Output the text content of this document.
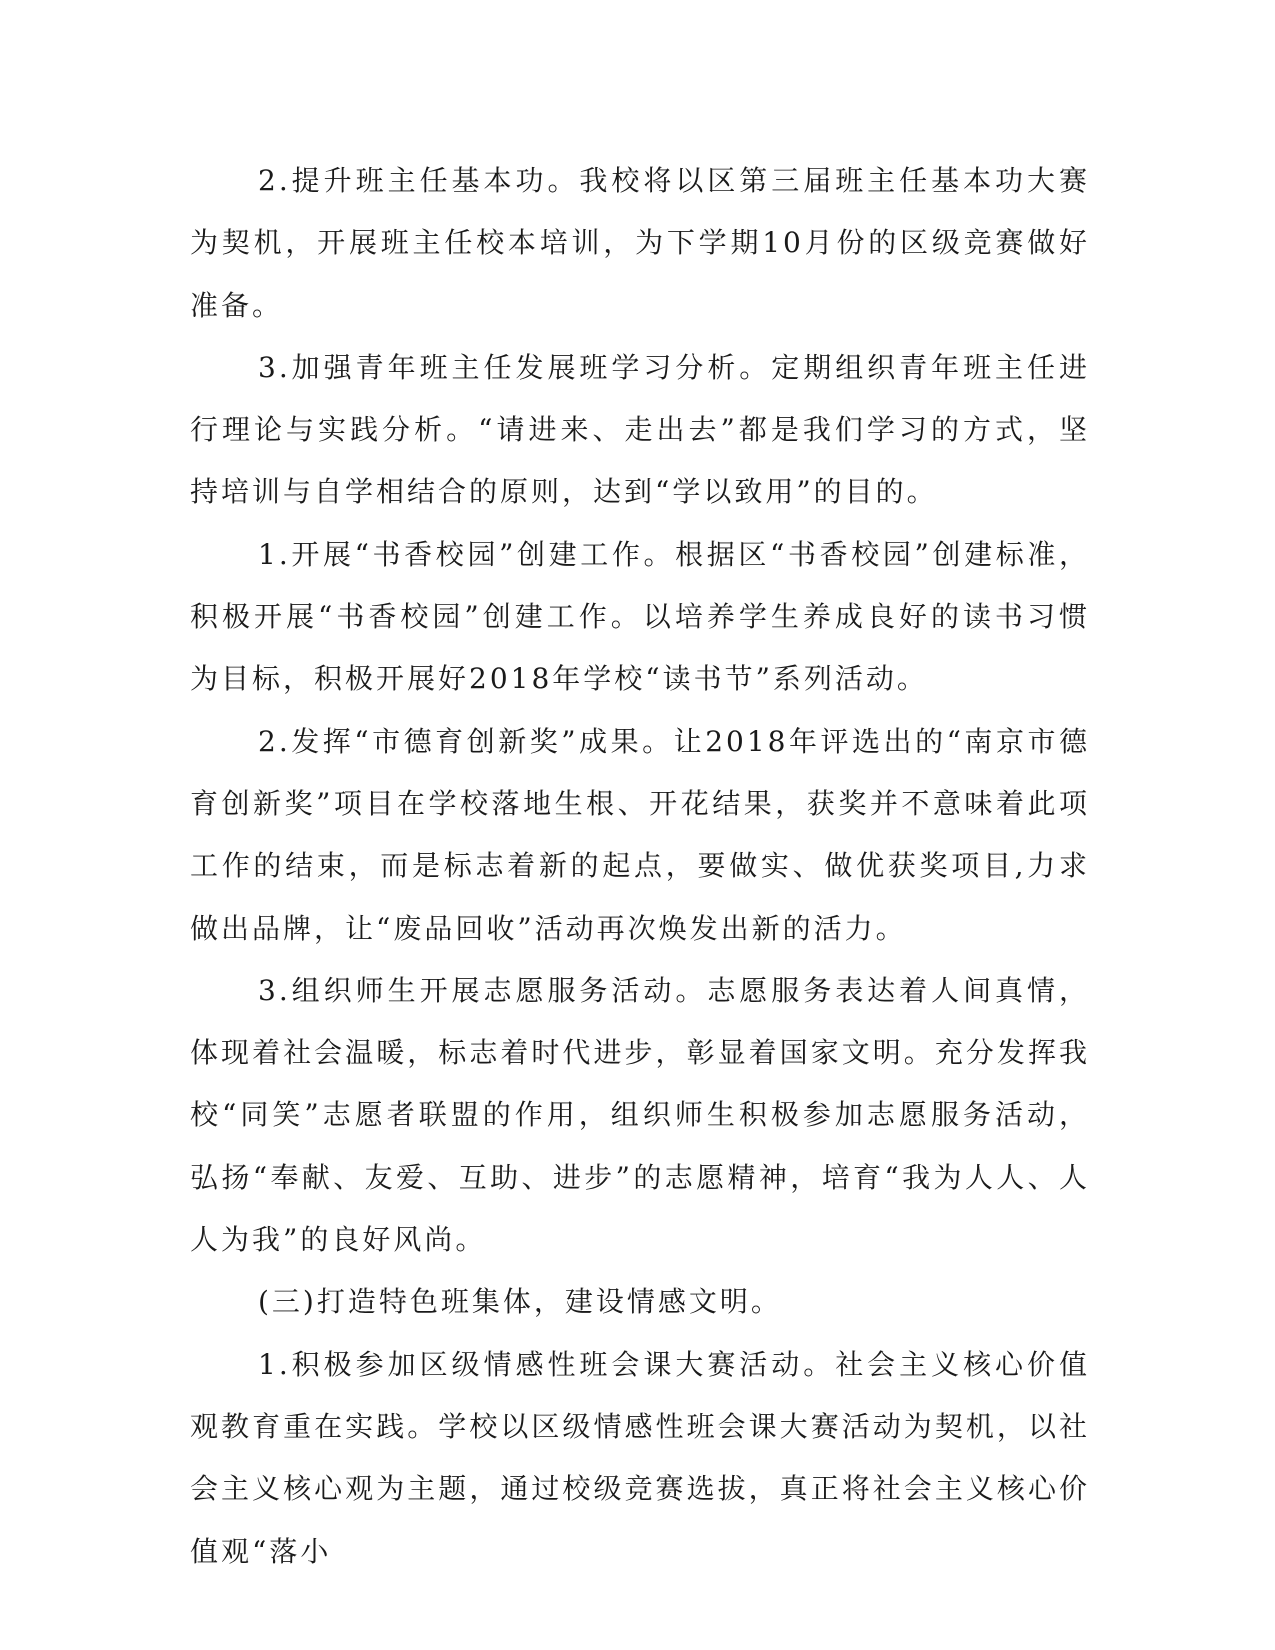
2.提升班主任基本功。我校将以区第三届班主任基本功大赛为契机，开展班主任校本培训，为下学期10月份的区级竞赛做好准备。

3.加强青年班主任发展班学习分析。定期组织青年班主任进行理论与实践分析。“请进来、走出去”都是我们学习的方式，坚持培训与自学相结合的原则，达到“学以致用”的目的。

1.开展“书香校园”创建工作。根据区“书香校园”创建标准，积极开展“书香校园”创建工作。以培养学生养成良好的读书习惯为目标，积极开展好2018年学校“读书节”系列活动。

2.发挥“市德育创新奖”成果。让2018年评选出的“南京市德育创新奖”项目在学校落地生根、开花结果，获奖并不意味着此项工作的结束，而是标志着新的起点，要做实、做优获奖项目,力求做出品牌，让“废品回收”活动再次焕发出新的活力。

3.组织师生开展志愿服务活动。志愿服务表达着人间真情，体现着社会温暖，标志着时代进步，彰显着国家文明。充分发挥我校“同笑”志愿者联盟的作用，组织师生积极参加志愿服务活动，弘扬“奉献、友爱、互助、进步”的志愿精神，培育“我为人人、人人为我”的良好风尚。

(三)打造特色班集体，建设情感文明。

1.积极参加区级情感性班会课大赛活动。社会主义核心价值观教育重在实践。学校以区级情感性班会课大赛活动为契机，以社会主义核心观为主题，通过校级竞赛选拔，真正将社会主义核心价值观“落小
